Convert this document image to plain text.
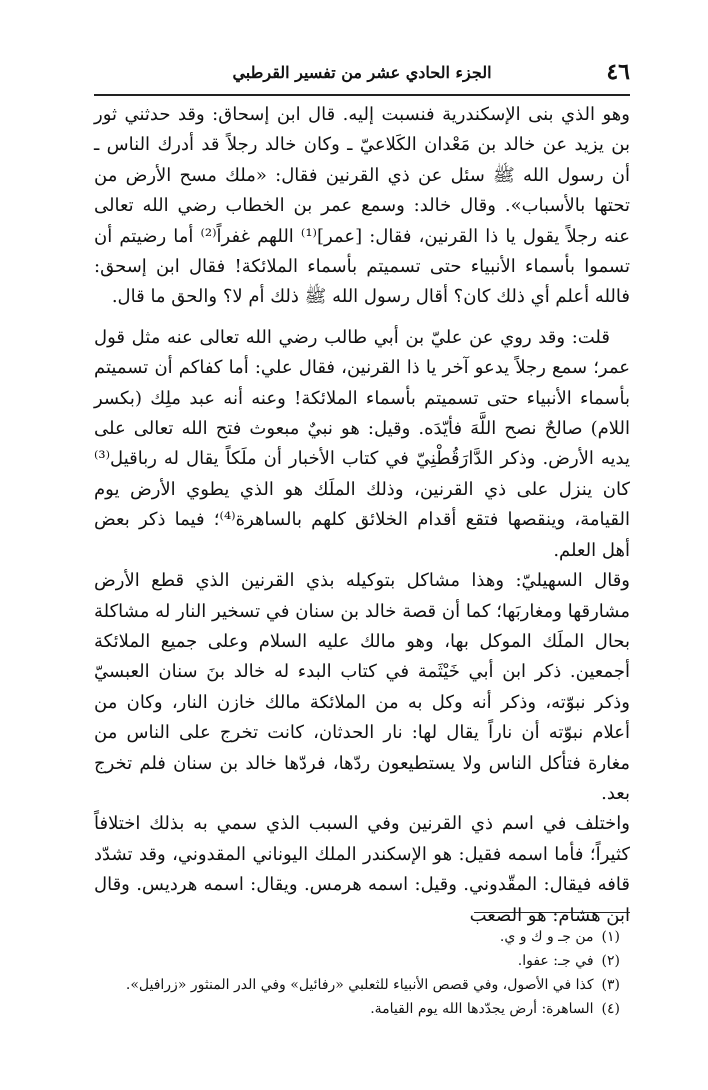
٤٦
الجزء الحادي عشر من تفسير القرطبي

وهو الذي بنى الإسكندرية فنسبت إليه. قال ابن إسحاق: وقد حدثني ثور بن يزيد عن خالد بن مَعْدان الكَلاعيّ ـ وكان خالد رجلاً قد أدرك الناس ـ أن رسول الله ﷺ سئل عن ذي القرنين فقال: «ملك مسح الأرض من تحتها بالأسباب». وقال خالد: وسمع عمر بن الخطاب رضي الله تعالى عنه رجلاً يقول يا ذا القرنين، فقال: [عمر]⁽¹⁾ اللهم غفراً⁽²⁾ أما رضيتم أن تسموا بأسماء الأنبياء حتى تسميتم بأسماء الملائكة! فقال ابن إسحق: فالله أعلم أي ذلك كان؟ أقال رسول الله ﷺ ذلك أم لا؟ والحق ما قال.

قلت: وقد روي عن عليّ بن أبي طالب رضي الله تعالى عنه مثل قول عمر؛ سمع رجلاً يدعو آخر يا ذا القرنين، فقال علي: أما كفاكم أن تسميتم بأسماء الأنبياء حتى تسميتم بأسماء الملائكة! وعنه أنه عبد ملِك (بكسر اللام) صالحٌ نصح اللَّهَ فأيّدَه. وقيل: هو نبيٌ مبعوث فتح الله تعالى على يديه الأرض. وذكر الدَّارَقُطْنِيّ في كتاب الأخبار أن ملَكاً يقال له رباقيل⁽³⁾ كان ينزل على ذي القرنين، وذلك الملَك هو الذي يطوي الأرض يوم القيامة، وينقصها فتقع أقدام الخلائق كلهم بالساهرة⁽⁴⁾؛ فيما ذكر بعض أهل العلم.

وقال السهيليّ: وهذا مشاكل بتوكيله بذي القرنين الذي قطع الأرض مشارقها ومغاربَها؛ كما أن قصة خالد بن سنان في تسخير النار له مشاكلة بحال الملَك الموكل بها، وهو مالك عليه السلام وعلى جميع الملائكة أجمعين. ذكر ابن أبي خَيْثَمة في كتاب البدء له خالد بنَ سنان العبسيّ وذكر نبوّته، وذكر أنه وكل به من الملائكة مالك خازن النار، وكان من أعلام نبوّته أن ناراً يقال لها: نار الحدثان، كانت تخرج على الناس من مغارة فتأكل الناس ولا يستطيعون ردّها، فردّها خالد بن سنان فلم تخرج بعد.

واختلف في اسم ذي القرنين وفي السبب الذي سمي به بذلك اختلافاً كثيراً؛ فأما اسمه فقيل: هو الإسكندر الملك اليوناني المقدوني، وقد تشدّد قافه فيقال: المقّدوني. وقيل: اسمه هرمس. ويقال: اسمه هرديس. وقال ابن هشام: هو الصعب

(١)من جـ و ك و ي.
(٢)في جـ: عفوا.
(٣)كذا في الأصول، وفي قصص الأنبياء للثعلبي «رفائيل» وفي الدر المنثور «زرافيل».
(٤)الساهرة: أرض يجدّدها الله يوم القيامة.
